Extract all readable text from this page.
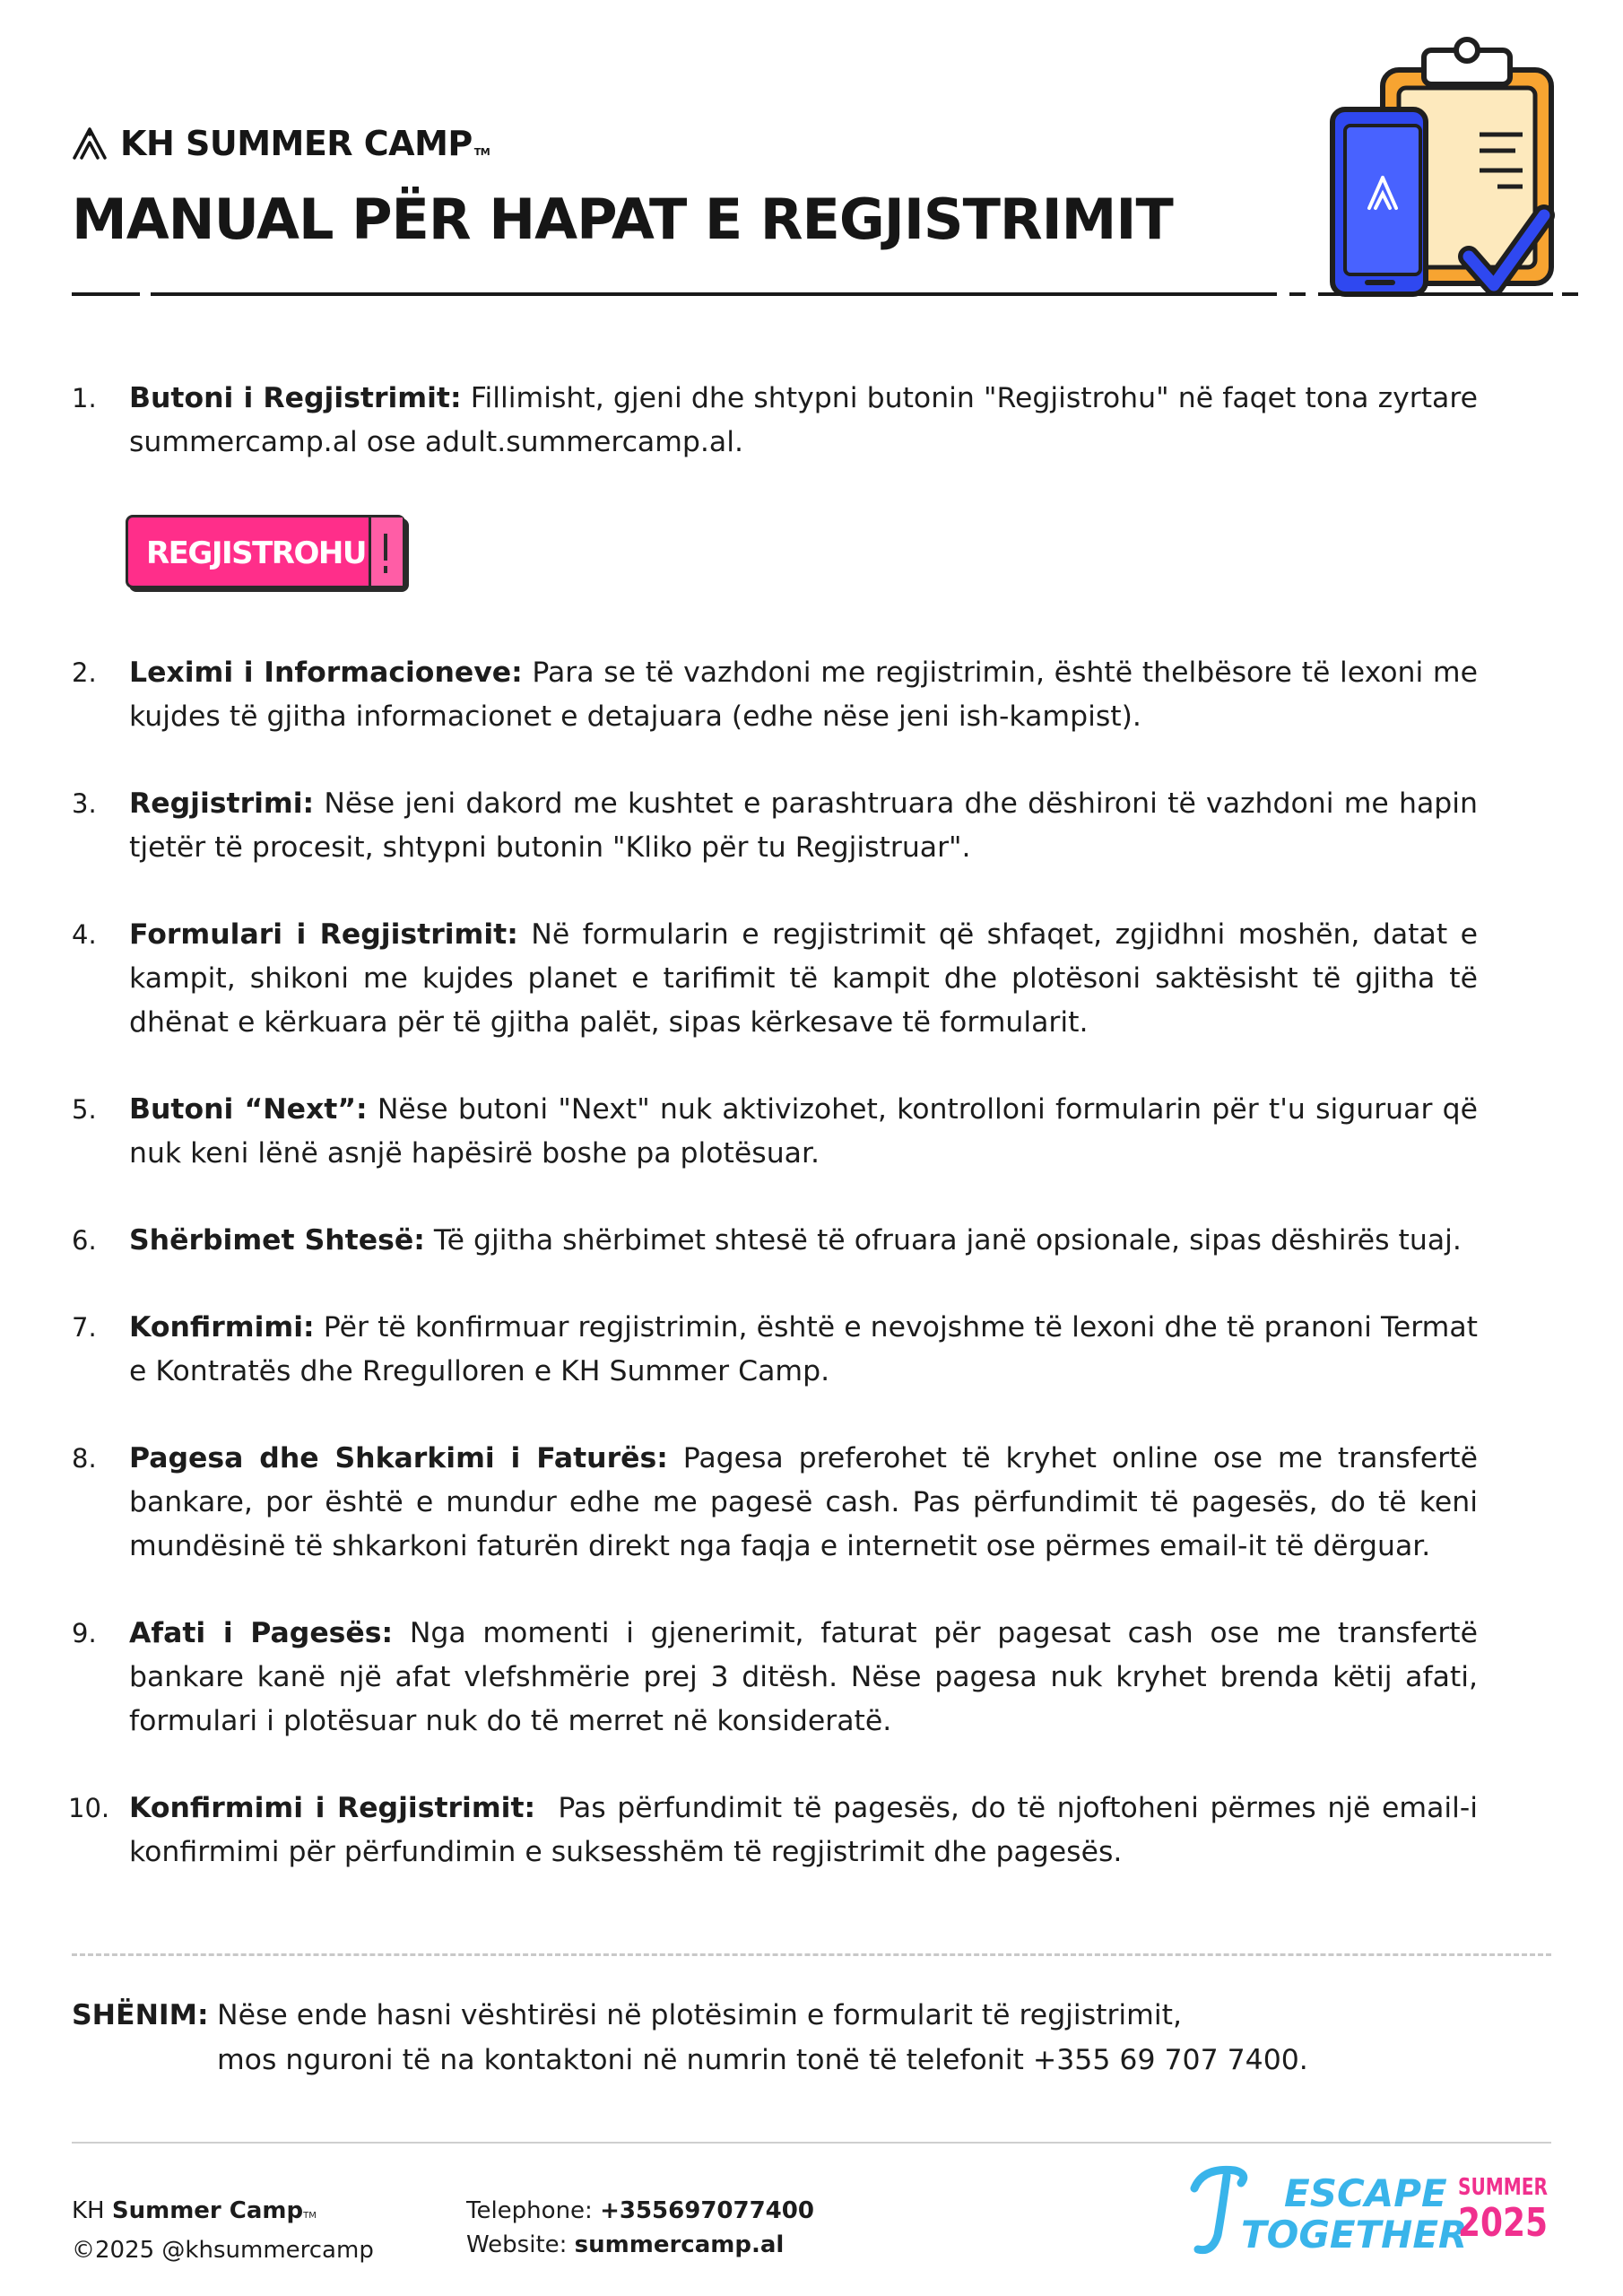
KH SUMMER CAMP TM
MANUAL PËR HAPAT E REGJISTRIMIT
1. Butoni i Regjistrimit: Fillimisht, gjeni dhe shtypni butonin "Regjistrohu" në faqet tona zyrtare summercamp.al ose adult.summercamp.al.
2. Leximi i Informacioneve: Para se të vazhdoni me regjistrimin, është thelbësore të lexoni me kujdes të gjitha informacionet e detajuara (edhe nëse jeni ish-kampist).
3. Regjistrimi: Nëse jeni dakord me kushtet e parashtruara dhe dëshironi të vazhdoni me hapin tjetër të procesit, shtypni butonin "Kliko për tu Regjistruar".
4. Formulari i Regjistrimit: Në formularin e regjistrimit që shfaqet, zgjidhni moshën, datat e kampit, shikoni me kujdes planet e tarifimit të kampit dhe plotësoni saktësisht të gjitha të dhënat e kërkuara për të gjitha palët, sipas kërkesave të formularit.
5. Butoni “Next”: Nëse butoni "Next" nuk aktivizohet, kontrolloni formularin për t'u siguruar që nuk keni lënë asnjë hapësirë boshe pa plotësuar.
6. Shërbimet Shtesë: Të gjitha shërbimet shtesë të ofruara janë opsionale, sipas dëshirës tuaj.
7. Konfirmimi: Për të konfirmuar regjistrimin, është e nevojshme të lexoni dhe të pranoni Termat e Kontratës dhe Rregulloren e KH Summer Camp.
8. Pagesa dhe Shkarkimi i Faturës: Pagesa preferohet të kryhet online ose me transfertë bankare, por është e mundur edhe me pagesë cash. Pas përfundimit të pagesës, do të keni mundësinë të shkarkoni faturën direkt nga faqja e internetit ose përmes email-it të dërguar.
9. Afati i Pagesës: Nga momenti i gjenerimit, faturat për pagesat cash ose me transfertë bankare kanë një afat vlefshmërie prej 3 ditësh. Nëse pagesa nuk kryhet brenda këtij afati, formulari i plotësuar nuk do të merret në konsideratë.
10. Konfirmimi i Regjistrimit:  Pas përfundimit të pagesës, do të njoftoheni përmes një email-i konfirmimi për përfundimin e suksesshëm të regjistrimit dhe pagesës.
REGJISTROHU
SHËNIM: Nëse ende hasni vështirësi në plotësimin e formularit të regjistrimit,
mos nguroni të na kontaktoni në numrin tonë të telefonit +355 69 707 7400.
KH Summer CampTM
©2025 @khsummercamp
Telephone: +355697077400
Website: summercamp.al
ESCAPE
TOGETHER
SUMMER
2025
